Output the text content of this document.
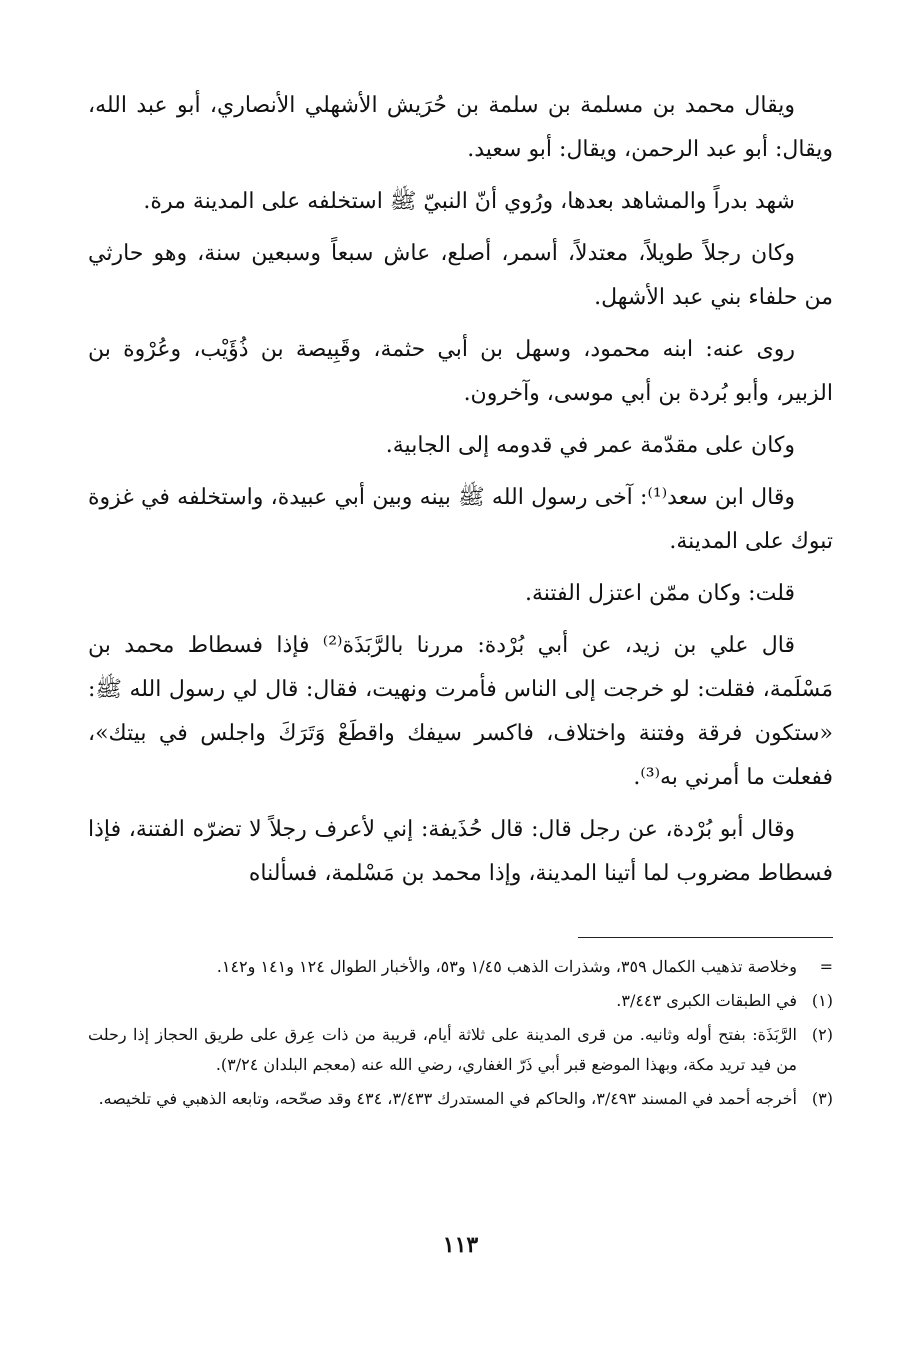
ويقال محمد بن مسلمة بن سلمة بن حُرَيش الأشهلي الأنصاري، أبو عبد الله، ويقال: أبو عبد الرحمن، ويقال: أبو سعيد.

شهد بدراً والمشاهد بعدها، ورُوي أنّ النبيّ ﷺ استخلفه على المدينة مرة.

وكان رجلاً طويلاً، معتدلاً، أسمر، أصلع، عاش سبعاً وسبعين سنة، وهو حارثي من حلفاء بني عبد الأشهل.

روى عنه: ابنه محمود، وسهل بن أبي حثمة، وقَبِيصة بن ذُؤَيْب، وعُرْوة بن الزبير، وأبو بُردة بن أبي موسى، وآخرون.

وكان على مقدّمة عمر في قدومه إلى الجابية.

وقال ابن سعد⁽¹⁾: آخى رسول الله ﷺ بينه وبين أبي عبيدة، واستخلفه في غزوة تبوك على المدينة.

قلت: وكان ممّن اعتزل الفتنة.

قال علي بن زيد، عن أبي بُرْدة: مررنا بالرَّبَذَة⁽²⁾ فإذا فسطاط محمد بن مَسْلَمة، فقلت: لو خرجت إلى الناس فأمرت ونهيت، فقال: قال لي رسول الله ﷺ: «ستكون فرقة وفتنة واختلاف، فاكسر سيفك واقطَعْ وَتَرَكَ واجلس في بيتك»، ففعلت ما أمرني به⁽³⁾.

وقال أبو بُرْدة، عن رجل قال: قال حُذَيفة: إني لأعرف رجلاً لا تضرّه الفتنة، فإذا فسطاط مضروب لما أتينا المدينة، وإذا محمد بن مَسْلمة، فسألناه

=
وخلاصة تذهيب الكمال ٣٥٩، وشذرات الذهب ١/٤٥ و٥٣، والأخبار الطوال ١٢٤ و١٤١ و١٤٢.
(١)
في الطبقات الكبرى ٣/٤٤٣.
(٢)
الرَّبَذَة: بفتح أوله وثانيه. من قرى المدينة على ثلاثة أيام، قريبة من ذات عِرق على طريق الحجاز إذا رحلت من فيد تريد مكة، وبهذا الموضع قبر أبي ذَرّ الغفاري، رضي الله عنه (معجم البلدان ٣/٢٤).
(٣)
أخرجه أحمد في المسند ٣/٤٩٣، والحاكم في المستدرك ٣/٤٣٣، ٤٣٤ وقد صحّحه، وتابعه الذهبي في تلخيصه.
١١٣
